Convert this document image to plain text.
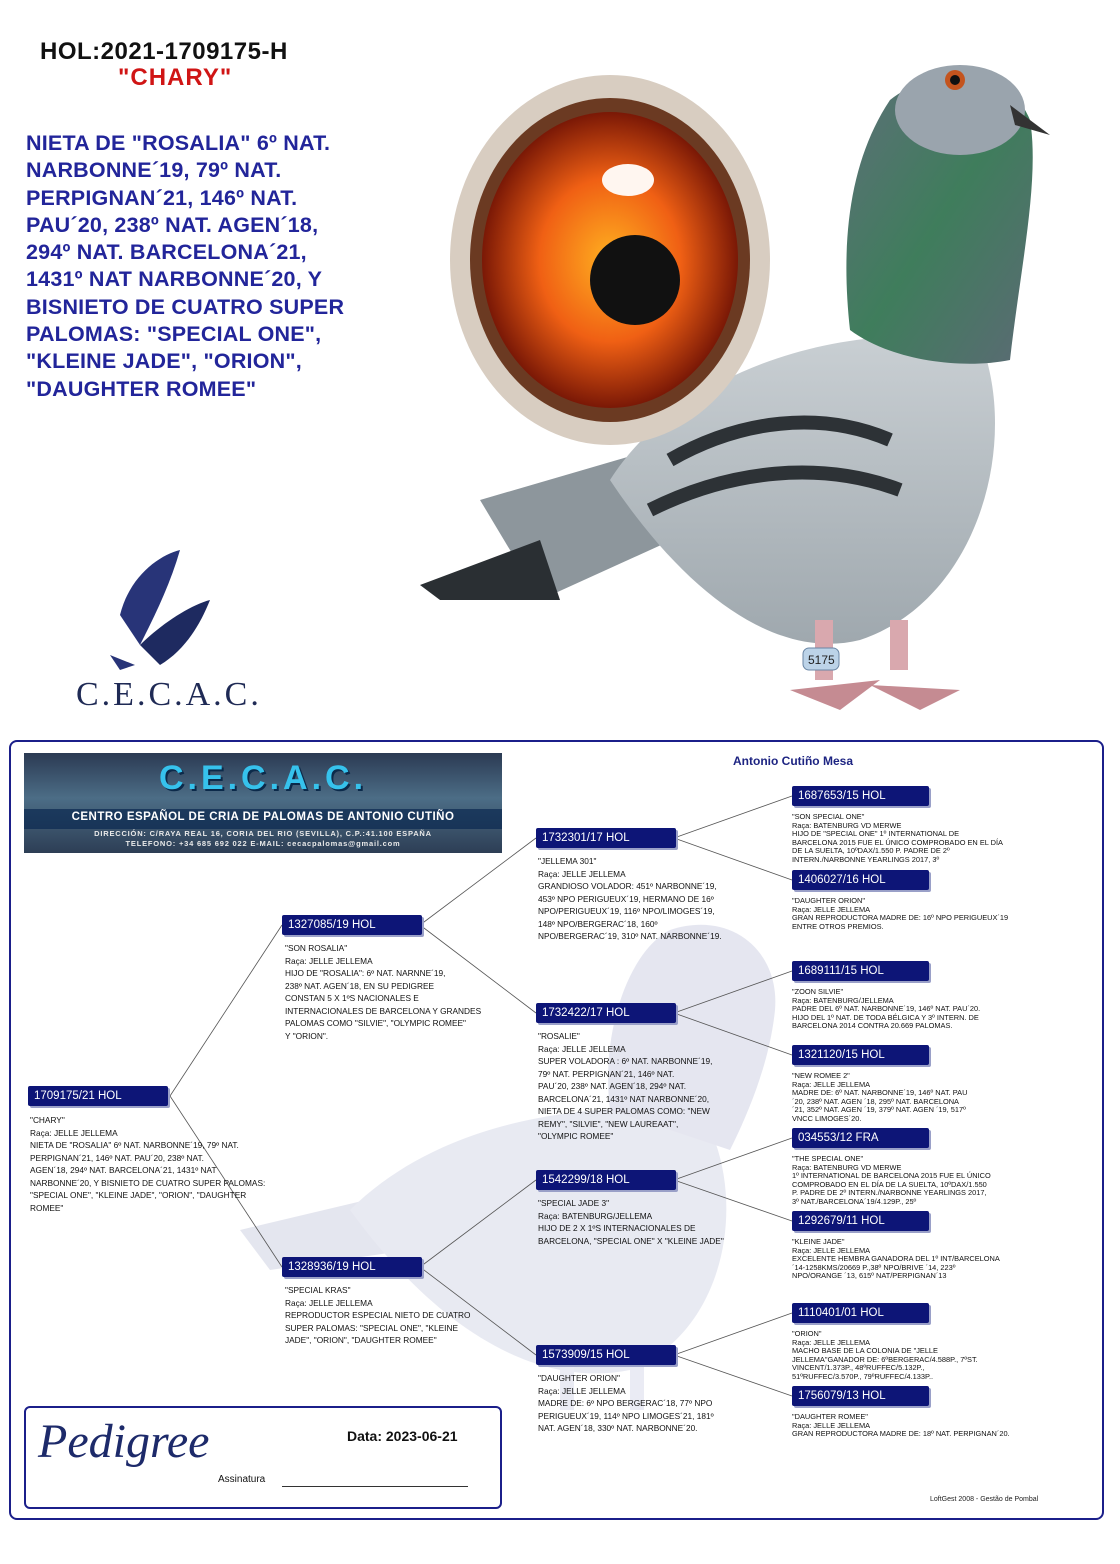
HOL:2021-1709175-H
"CHARY"
NIETA DE "ROSALIA" 6º NAT.
NARBONNE´19, 79º NAT.
PERPIGNAN´21, 146º NAT.
PAU´20, 238º NAT. AGEN´18,
294º NAT. BARCELONA´21,
1431º NAT NARBONNE´20, Y
BISNIETO DE CUATRO SUPER
PALOMAS: "SPECIAL ONE",
"KLEINE JADE", "ORION",
"DAUGHTER ROMEE"
5175
C.E.C.A.C.
Antonio Cutiño Mesa
C.E.C.A.C.
CENTRO ESPAÑOL DE CRIA DE PALOMAS DE ANTONIO CUTIÑO
DIRECCIÓN: C/RAYA REAL 16, CORIA DEL RIO (SEVILLA), C.P.:41.100 ESPAÑA
TELEFONO: +34 685 692 022 E-MAIL: cecacpalomas@gmail.com
1709175/21 HOL
"CHARY"
Raça: JELLE JELLEMA
NIETA DE "ROSALIA" 6º NAT. NARBONNE´19, 79º NAT.
PERPIGNAN´21, 146º NAT. PAU´20, 238º NAT.
AGEN´18, 294º NAT. BARCELONA´21, 1431º NAT
NARBONNE´20, Y BISNIETO DE CUATRO SUPER PALOMAS:
"SPECIAL ONE", "KLEINE JADE", "ORION", "DAUGHTER
ROMEE"
1327085/19 HOL
"SON ROSALIA"
Raça: JELLE JELLEMA
HIJO DE "ROSALIA": 6º NAT. NARNNE´19,
238º NAT. AGEN´18, EN SU PEDIGREE
CONSTAN 5 X 1ºS NACIONALES E
INTERNACIONALES DE BARCELONA Y GRANDES
PALOMAS COMO "SILVIE", "OLYMPIC ROMEE"
Y "ORION".
1328936/19 HOL
"SPECIAL KRAS"
Raça: JELLE JELLEMA
REPRODUCTOR ESPECIAL NIETO DE CUATRO
SUPER PALOMAS: "SPECIAL ONE", "KLEINE
JADE", "ORION", "DAUGHTER ROMEE"
1732301/17 HOL
"JELLEMA 301"
Raça: JELLE JELLEMA
GRANDIOSO VOLADOR: 451º NARBONNE´19,
453º NPO PERIGUEUX´19, HERMANO DE 16º
NPO/PERIGUEUX´19, 116º NPO/LIMOGES´19,
148º NPO/BERGERAC´18, 160º
NPO/BERGERAC´19, 310º NAT. NARBONNE´19.
1732422/17 HOL
"ROSALIE"
Raça: JELLE JELLEMA
SUPER VOLADORA : 6º NAT. NARBONNE´19,
79º NAT. PERPIGNAN´21, 146º NAT.
PAU´20, 238º NAT. AGEN´18, 294º NAT.
BARCELONA´21, 1431º NAT NARBONNE´20,
NIETA DE 4 SUPER PALOMAS COMO: "NEW
REMY", "SILVIE", "NEW LAUREAAT",
"OLYMPIC ROMEE"
1542299/18 HOL
"SPECIAL JADE 3"
Raça: BATENBURG/JELLEMA
HIJO DE 2 X 1ºS INTERNACIONALES DE
BARCELONA, "SPECIAL ONE" X "KLEINE JADE"
1573909/15 HOL
"DAUGHTER ORION"
Raça: JELLE JELLEMA
MADRE DE: 6º NPO BERGERAC´18, 77º NPO
PERIGUEUX´19, 114º NPO LIMOGES´21, 181º
NAT. AGEN´18, 330º NAT. NARBONNE´20.
1687653/15 HOL
"SON SPECIAL ONE"
Raça: BATENBURG VD MERWE
HIJO DE "SPECIAL ONE" 1º INTERNATIONAL DE
BARCELONA 2015 FUE EL ÚNICO COMPROBADO EN EL DÍA
DE LA SUELTA, 10ºDAX/1.550 P. PADRE DE 2º
INTERN./NARBONNE YEARLINGS 2017, 3º
1406027/16 HOL
"DAUGHTER ORION"
Raça: JELLE JELLEMA
GRAN REPRODUCTORA MADRE DE: 16º NPO PERIGUEUX´19
ENTRE OTROS PREMIOS.
1689111/15 HOL
"ZOON SILVIE"
Raça: BATENBURG/JELLEMA
PADRE DEL 6º NAT. NARBONNE´19, 146º NAT. PAU´20.
HIJO DEL 1º NAT. DE TODA BÉLGICA Y 3º INTERN. DE
BARCELONA 2014 CONTRA 20.669 PALOMAS.
1321120/15 HOL
"NEW ROMEE 2"
Raça: JELLE JELLEMA
MADRE DE: 6º NAT. NARBONNE´19, 146º NAT. PAU
´20, 238º NAT. AGEN ´18, 295º NAT. BARCELONA
´21, 352º NAT. AGEN ´19, 379º NAT. AGEN ´19, 517º
VNCC LIMOGES´20.
034553/12 FRA
"THE SPECIAL ONE"
Raça: BATENBURG VD MERWE
1º INTERNATIONAL DE BARCELONA 2015 FUE EL ÚNICO
COMPROBADO EN EL DÍA DE LA SUELTA, 10ºDAX/1.550
P. PADRE DE 2º INTERN./NARBONNE YEARLINGS 2017,
3º NAT./BARCELONA´19/4.129P., 25º
1292679/11 HOL
"KLEINE JADE"
Raça: JELLE JELLEMA
EXCELENTE HEMBRA GANADORA DEL 1º INT/BARCELONA
´14-1258KMS/20669 P.,38º NPO/BRIVE ´14, 223º
NPO/ORANGE ´13, 615º NAT/PERPIGNAN´13
1110401/01 HOL
"ORION"
Raça: JELLE JELLEMA
MACHO BASE DE LA COLONIA DE "JELLE
JELLEMA"GANADOR DE: 6ºBERGERAC/4.588P., 7ºST.
VINCENT/1.373P., 48ºRUFFEC/5.132P.,
51ºRUFFEC/3.570P., 79ºRUFFEC/4.133P..
1756079/13 HOL
"DAUGHTER ROMEE"
Raça: JELLE JELLEMA
GRAN REPRODUCTORA MADRE DE: 18º NAT. PERPIGNAN´20.
Pedigree	Data: 2023-06-21
Assinatura
LoftGest 2008 - Gestão de Pombal
